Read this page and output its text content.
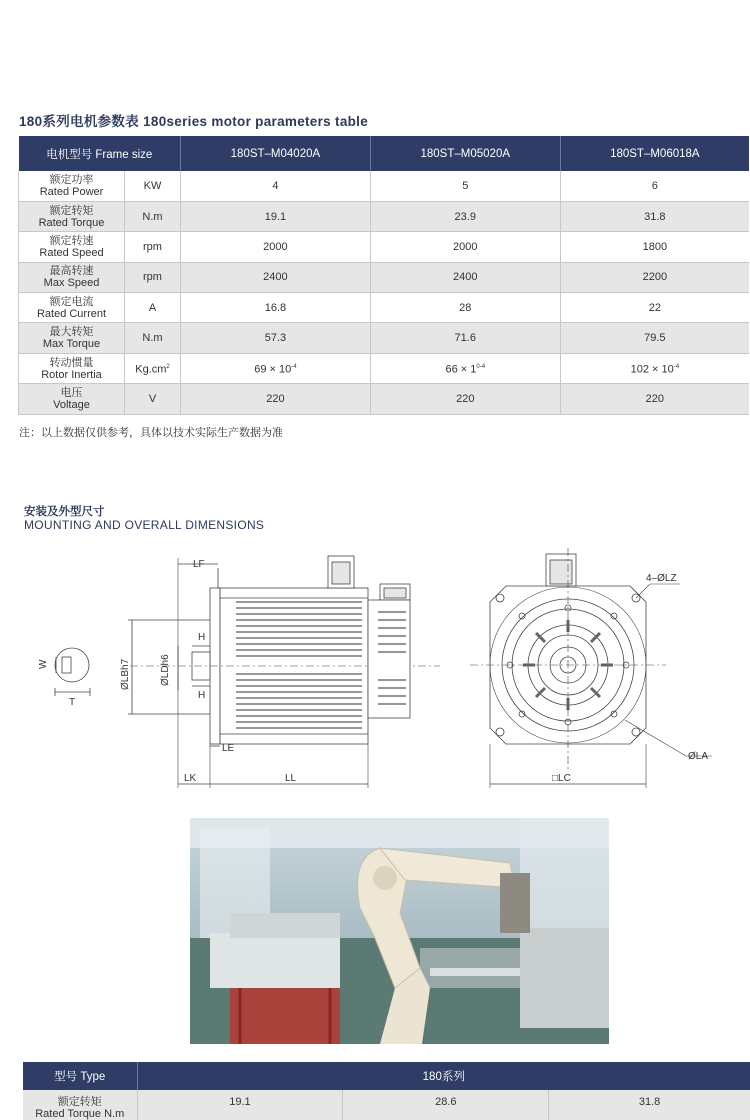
180系列电机参数表 180series motor parameters table
电机型号 Frame size		180ST–M04020A	180ST–M05020A	180ST–M06018A

额定功率
Rated Power	KW	4	5	6

额定转矩
Rated Torque	N.m	19.1	23.9	31.8

额定转速
Rated Speed	rpm	2000	2000	1800

最高转速
Max Speed	rpm	2400	2400	2200

额定电流
Rated Current	A	16.8	28	22

最大转矩
Max Torque	N.m	57.3	71.6	79.5

转动惯量
Rotor Inertia	$Kg.cm^2$	$69 \times 10^{-4}$	$66 \times 1^{0-4}$	$102 \times 10^{-4}$

电压
Voltage	V	220	220	220
注：以上数据仅供参考，具体以技术实际生产数据为准
安装及外型尺寸
MOUNTING AND OVERALL DIMENSIONS
W
T
LF
H
H
ØLBh7	ØLDh6
LE
LK	LL
4–ØLZ
ØLA
□LC
型号 Type	180系列		

额定转矩
Rated Torque N.m	19.1	28.6	31.8
